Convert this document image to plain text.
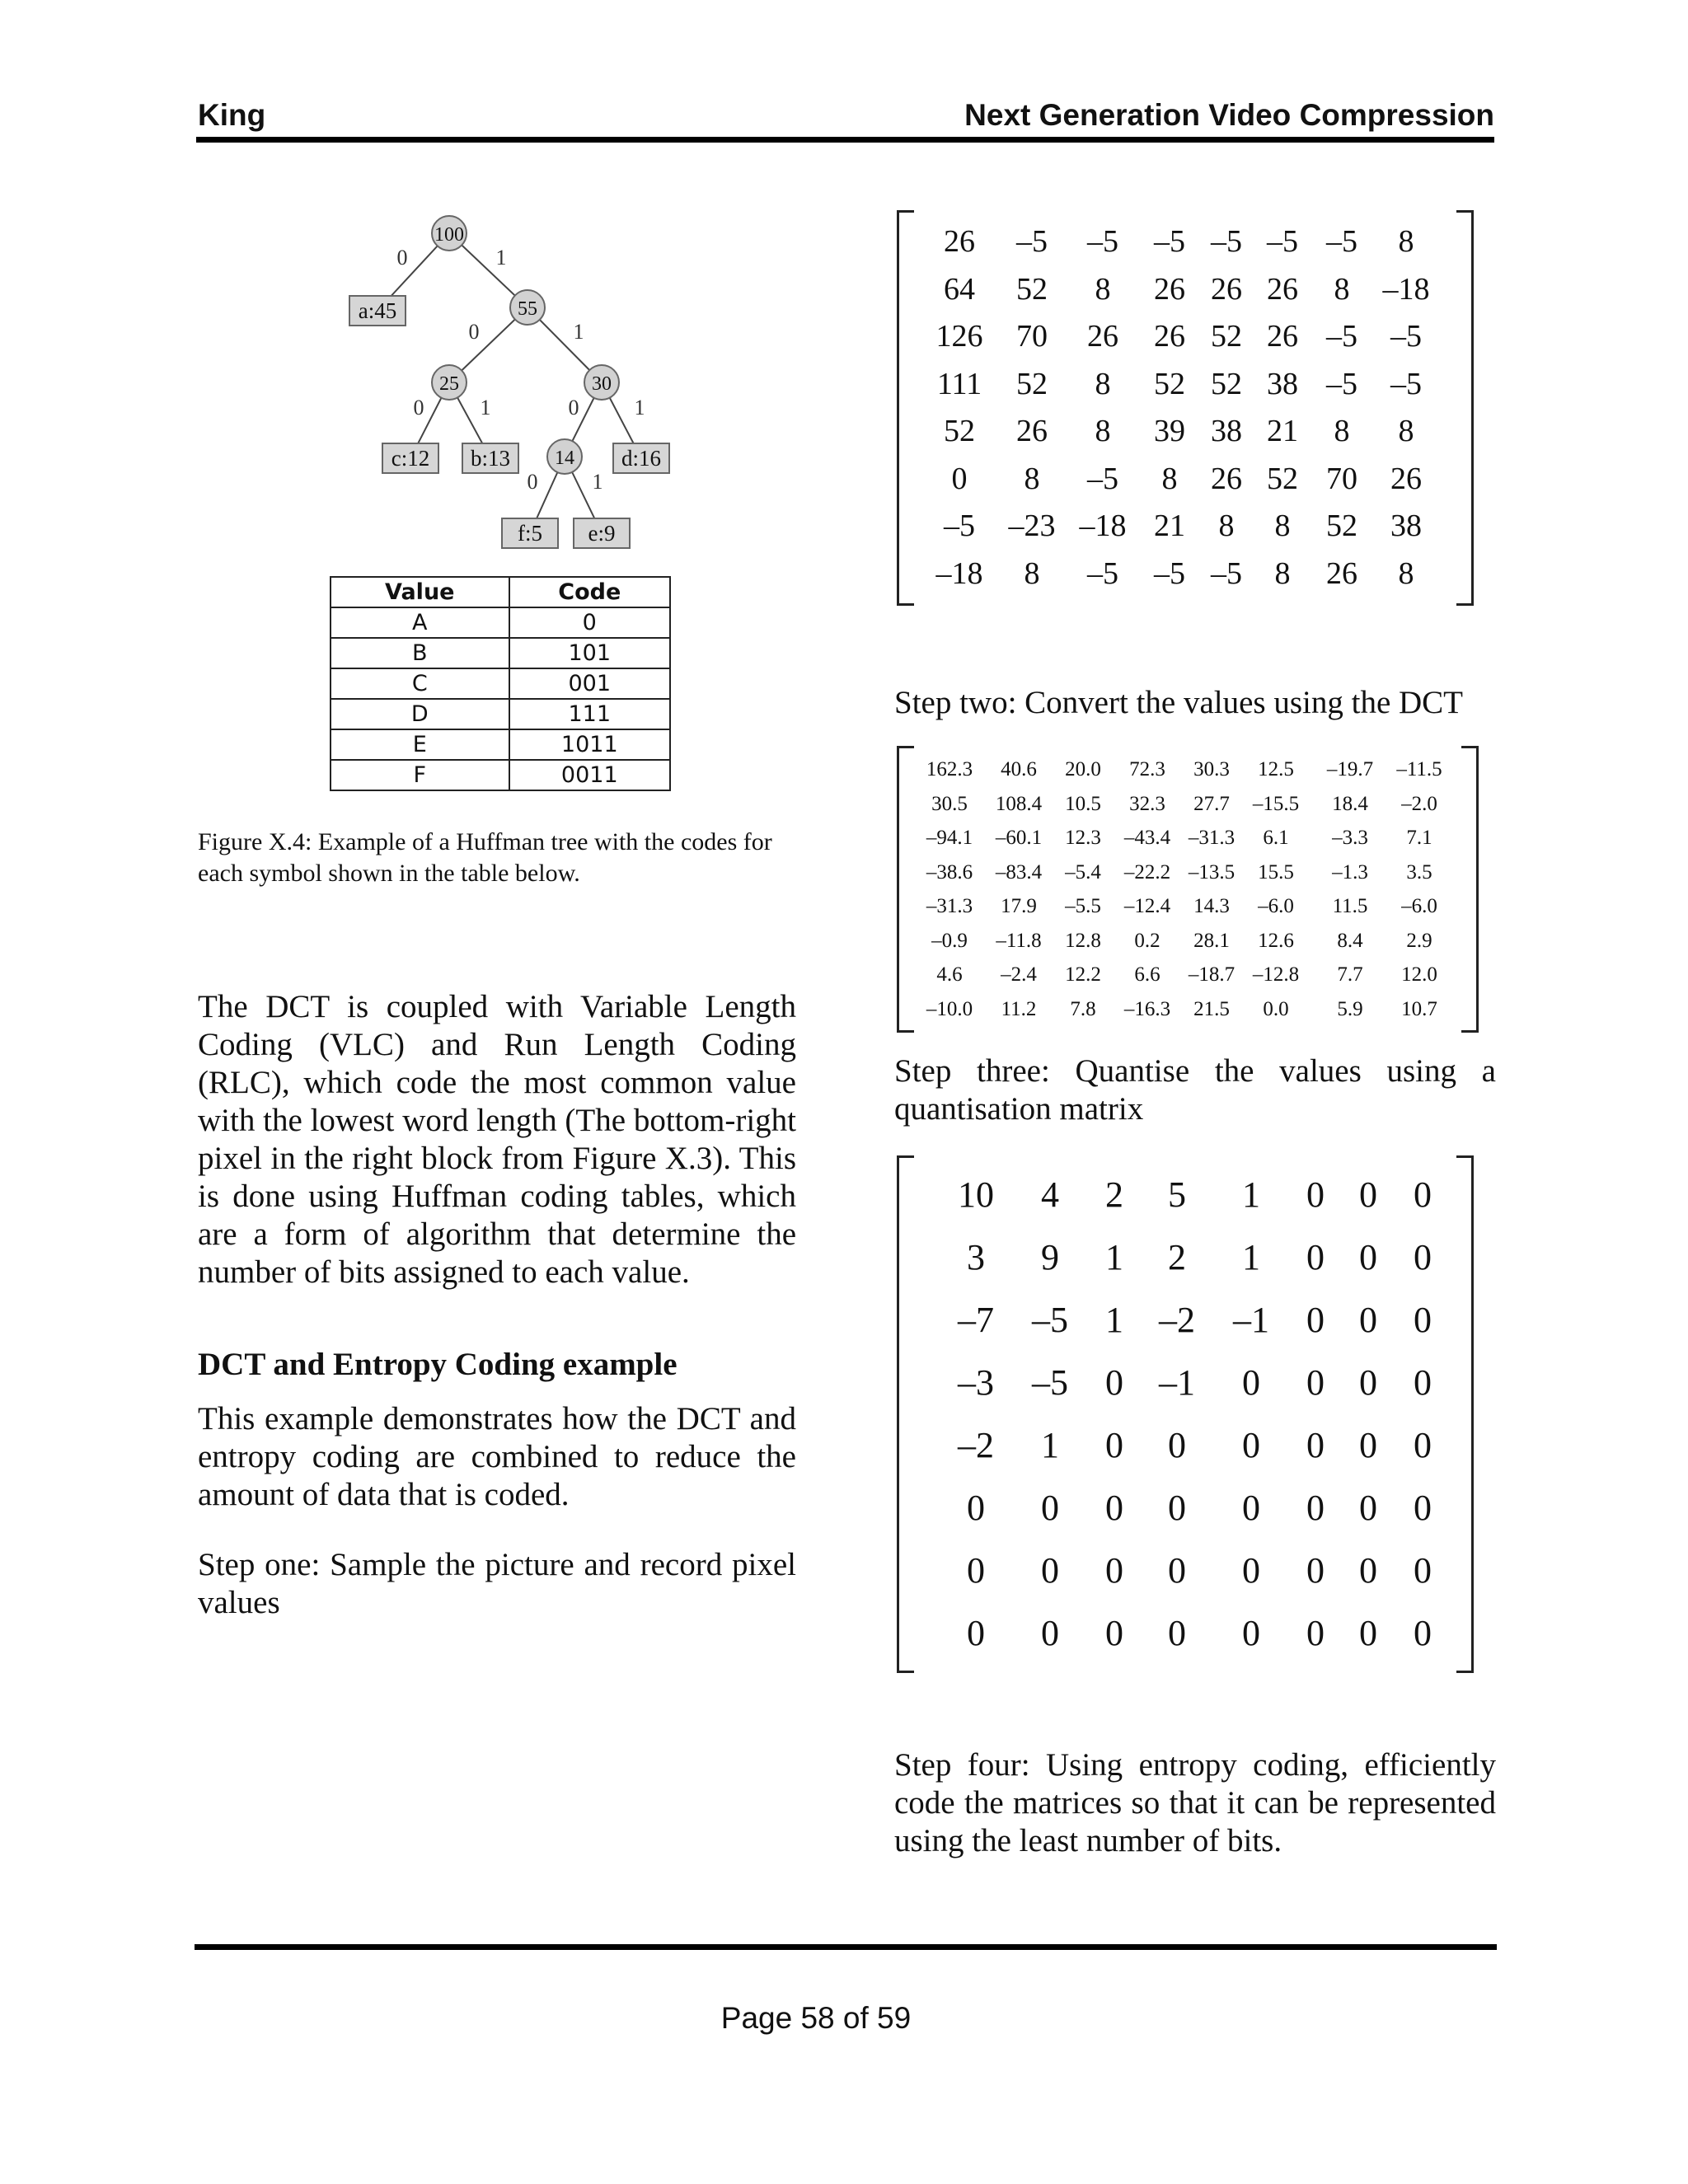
King	Next Generation Video Compression
0	1
0	1
0	1	0	1
0	1
100
55
25	30
14
a:45
c:12 b:13	d:16
f:5 e:9
Value	Code
A	0
B	101
C	001
D	111
E	1011
F	0011

Figure X.4: Example of a Huffman tree with the codes for each symbol shown in the table below.

The DCT is coupled with Variable Length Coding (VLC) and Run Length Coding (RLC), which code the most common value with the lowest word length (The bottom-right pixel in the right block from Figure X.3). This is done using Huffman coding tables, which are a form of algorithm that determine the number of bits assigned to each value.

DCT and Entropy Coding example

This example demonstrates how the DCT and entropy coding are combined to reduce the amount of data that is coded.

Step one: Sample the picture and record pixel values

26 –5 –5 –5 –5 –5 –5 8
64 52 8 26 26 26 8 –18
126 70 26 26 52 26 –5 –5
111 52 8 52 52 38 –5 –5
52 26 8 39 38 21 8 8
0 8 –5 8 26 52 70 26
–5 –23 –18 21 8 8 52 38
–18 8 –5 –5 –5 8 26 8

Step two: Convert the values using the DCT

162.3 40.6 20.0 72.3 30.3 12.5 –19.7 –11.5
30.5 108.4 10.5 32.3 27.7 –15.5 18.4 –2.0
–94.1 –60.1 12.3 –43.4 –31.3 6.1 –3.3 7.1
–38.6 –83.4 –5.4 –22.2 –13.5 15.5 –1.3 3.5
–31.3 17.9 –5.5 –12.4 14.3 –6.0 11.5 –6.0
–0.9 –11.8 12.8 0.2 28.1 12.6 8.4 2.9
4.6 –2.4 12.2 6.6 –18.7 –12.8 7.7 12.0
–10.0 11.2 7.8 –16.3 21.5 0.0 5.9 10.7

Step three: Quantise the values using a quantisation matrix

10 4 2 5 1 0 0 0
3 9 1 2 1 0 0 0
–7 –5 1 –2 –1 0 0 0
–3 –5 0 –1 0 0 0 0
–2 1 0 0 0 0 0 0
0 0 0 0 0 0 0 0
0 0 0 0 0 0 0 0
0 0 0 0 0 0 0 0

Step four: Using entropy coding, efficiently code the matrices so that it can be represented using the least number of bits.

Page 58 of 59
